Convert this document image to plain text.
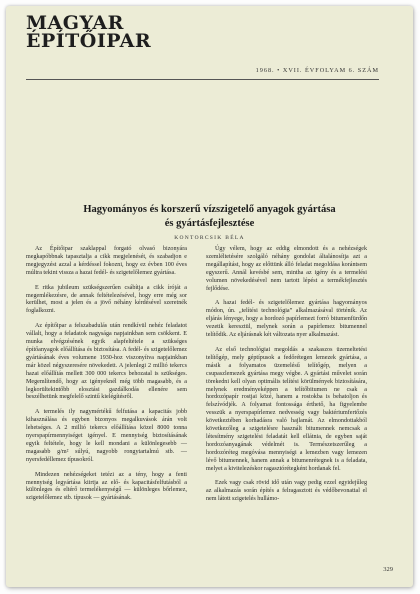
MAGYAR
ÉPÍTŐIPAR
1968. • XVII. ÉVFOLYAM 6. SZÁM
Hagyományos és korszerű vízszigetelő anyagok gyártása
és gyártásfejlesztése
KONTORCSIK BÉLA

Az Építőipar szaklappal forgató olvasó bizonyára megkapóbbnak tapasztalja a cikk megjelenését, és szabadjon e megjegyzést azzal a kérdéssel fokozni, hogy ez évben 100 éves múltra tekint vissza a hazai fedél- és szigetelőlemez gyártása.

E ritka jubileum szükségszerűen csábítja a cikk íróját a megemlékezésre, de annak feltételezésével, hogy erre még sor kerülhet, most a jelen és a jövő néhány kérdésével szeretnék foglalkozni.

Az építőipar a felszabadulás után rendkívül nehéz feladatot vállalt, hogy a feladatok nagysága napjainkban sem csökkent. E munka elvégzésének egyik alapfeltétele a szükséges építőanyagok előállítása és biztosítása. A fedél- és szigetelőlemez gyártásának éves volumene 1930-hoz viszonyítva napjainkban már közel négyszeresére növekedett. A jelenlegi 2 millió tekercs hazai előállítás mellett 300 000 tekercs behozatal is szükséges. Megemlítendő, hogy az igényeknél még több magasabb, és a legkorültekintőbb elosztási gazdálkodás ellenére sem beszélhetünk megfelelő szintű kielégítésről.

A termelés ily nagymértékű felfutása a kapacitás jobb kihasználása és egyben bizonyos megalkuvások árán volt lehetséges. A 2 millió tekercs előállítása közel 8000 tonna nyerspapírmennyiséget igényel. E mennyiség biztosításának egyik feltétele, hogy le kell mondani a különlegesebb — magasabb g/m² súlyú, nagyobb rongytartalmú stb. — nyersfedéllemez típusokról.

Mindezen nehézségeket tetézi az a tény, hogy a fenti mennyiség legyártása kiirtja az elő- és kapacitásfelfutásból a különleges és eltérő termelékenységű — különleges bőrlemez, szigetelőlemez stb. típusok — gyártásának.

Úgy vélem, hogy az eddig elmondott és a nehézségek szemléltetésére szolgáló néhány gondolat általánosítja azt a megállapítást, hogy az előttünk álló feladat megoldása korántsem egyszerű. Annál kevésbé sem, mintha az igény és a termelési volumen növekedésével nem tartott lépést a termékfejlesztés fejlődése.

A hazai fedél- és szigetelőlemez gyártása hagyományos módon, ún. „telítési technológia” alkalmazásával történik. Az eljárás lényege, hogy a hordozó papírlemezt forró bitumenfürdőn vezetik keresztül, melynek során a papírlemez bitumennel telítődik. Az eljárásnak két változata nyer alkalmazást.

Az első technológiai megoldás a szakaszos üzemeltetési telítőgép, mely géptípusok a fedőrétegen lemezek gyártása, a másik a folyamatos üzemelésű telítőgép, melyen a csupaszlemezek gyártása megy végbe. A gyártási művelet során törekedni kell olyan optimális telítési körülmények biztosítására, melynek eredményeképpen a telítőbitumen ne csak a hordozópapír rostjai közé, hanem a rostokba is behatoljon és felszívódjék. A folyamat fontossága érthető, ha figyelembe vesszük a nyerspapírlemez nedvesség vagy baktériumfertőzés következtében korhadásra való hajlamát. Az elmondottakból következőleg a szigetelésre használt bitumennek nemcsak a létesítmény szigetelési feladatát kell ellátnia, de egyben saját hordozóanyagának védelmét is. Természetszerűleg a hordozóréteg megóvása mennyiségi a lemezben vagy lemezen lévő bitumennek, hanem annak a bitumenrétegnek is a feladata, melyet a kivitelezéskor ragasztórétegként hordanak fel.

Ezek vagy csak rövid idő után vagy pedig ezzel egyidejűleg az alkalmazás során építés a felragasztott és védőbevonattal el nem látott szigetelés hullámo-

329
